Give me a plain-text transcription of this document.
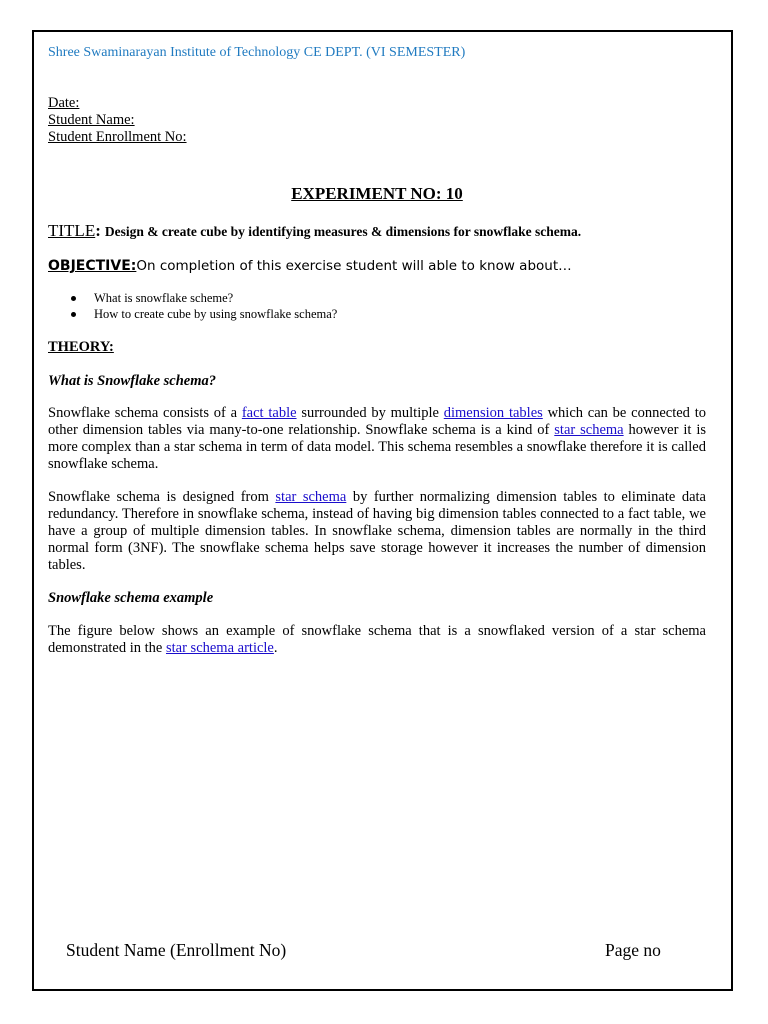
Shree Swaminarayan Institute of Technology CE DEPT. (VI SEMESTER)
Date:
Student Name:
Student Enrollment No:
EXPERIMENT NO: 10
TITLE: Design & create cube by identifying measures & dimensions for snowflake schema.
OBJECTIVE:On completion of this exercise student will able to know about…
What is snowflake scheme?
How to create cube by using snowflake schema?
THEORY:
What is Snowflake schema?

Snowflake schema consists of a fact table surrounded by multiple dimension tables which can be connected to other dimension tables via many-to-one relationship. Snowflake schema is a kind of star schema however it is more complex than a star schema in term of data model. This schema resembles a snowflake therefore it is called snowflake schema.

Snowflake schema is designed from star schema by further normalizing dimension tables to eliminate data redundancy. Therefore in snowflake schema, instead of having big dimension tables connected to a fact table, we have a group of multiple dimension tables. In snowflake schema, dimension tables are normally in the third normal form (3NF). The snowflake schema helps save storage however it increases the number of dimension tables.

Snowflake schema example

The figure below shows an example of snowflake schema that is a snowflaked version of a star schema demonstrated in the star schema article.

Student Name (Enrollment No)	Page no
